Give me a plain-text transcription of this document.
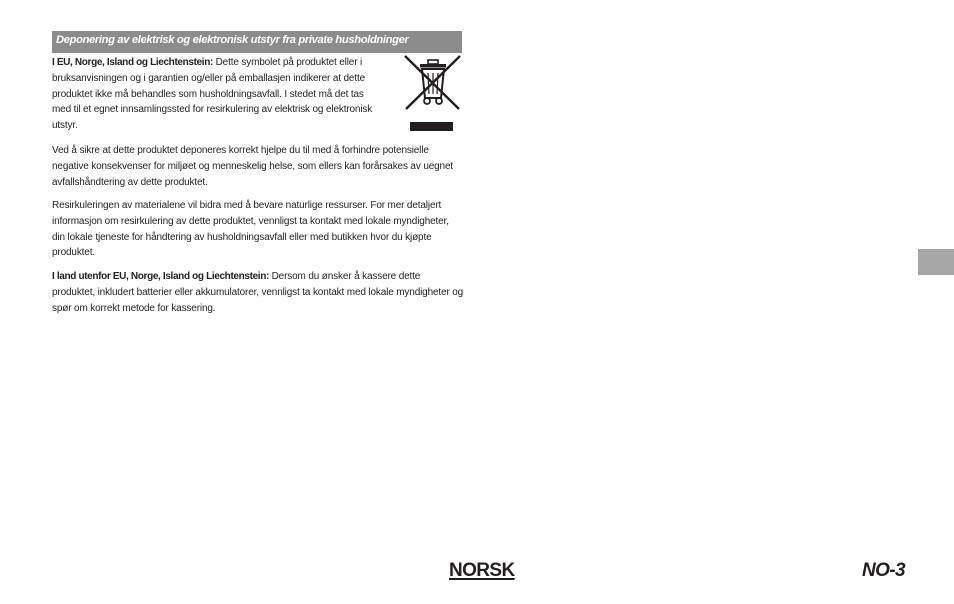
Deponering av elektrisk og elektronisk utstyr fra private husholdninger

I EU, Norge, Island og Liechtenstein: Dette symbolet på produktet eller i bruksanvisningen og i garantien og/eller på emballasjen indikerer at dette produktet ikke må behandles som husholdningsavfall. I stedet må det tas med til et egnet innsamlingssted for resirkulering av elektrisk og elektronisk utstyr.

Ved å sikre at dette produktet deponeres korrekt hjelpe du til med å forhindre potensielle negative konsekvenser for miljøet og menneskelig helse, som ellers kan forårsakes av uegnet avfallshåndtering av dette produktet.

Resirkuleringen av materialene vil bidra med å bevare naturlige ressurser. For mer detaljert informasjon om resirkulering av dette produktet, vennligst ta kontakt med lokale myndigheter, din lokale tjeneste for håndtering av husholdningsavfall eller med butikken hvor du kjøpte produktet.

I land utenfor EU, Norge, Island og Liechtenstein: Dersom du ønsker å kassere dette produktet, inkludert batterier eller akkumulatorer, vennligst ta kontakt med lokale myndigheter og spør om korrekt metode for kassering.

NORSK	NO-3
